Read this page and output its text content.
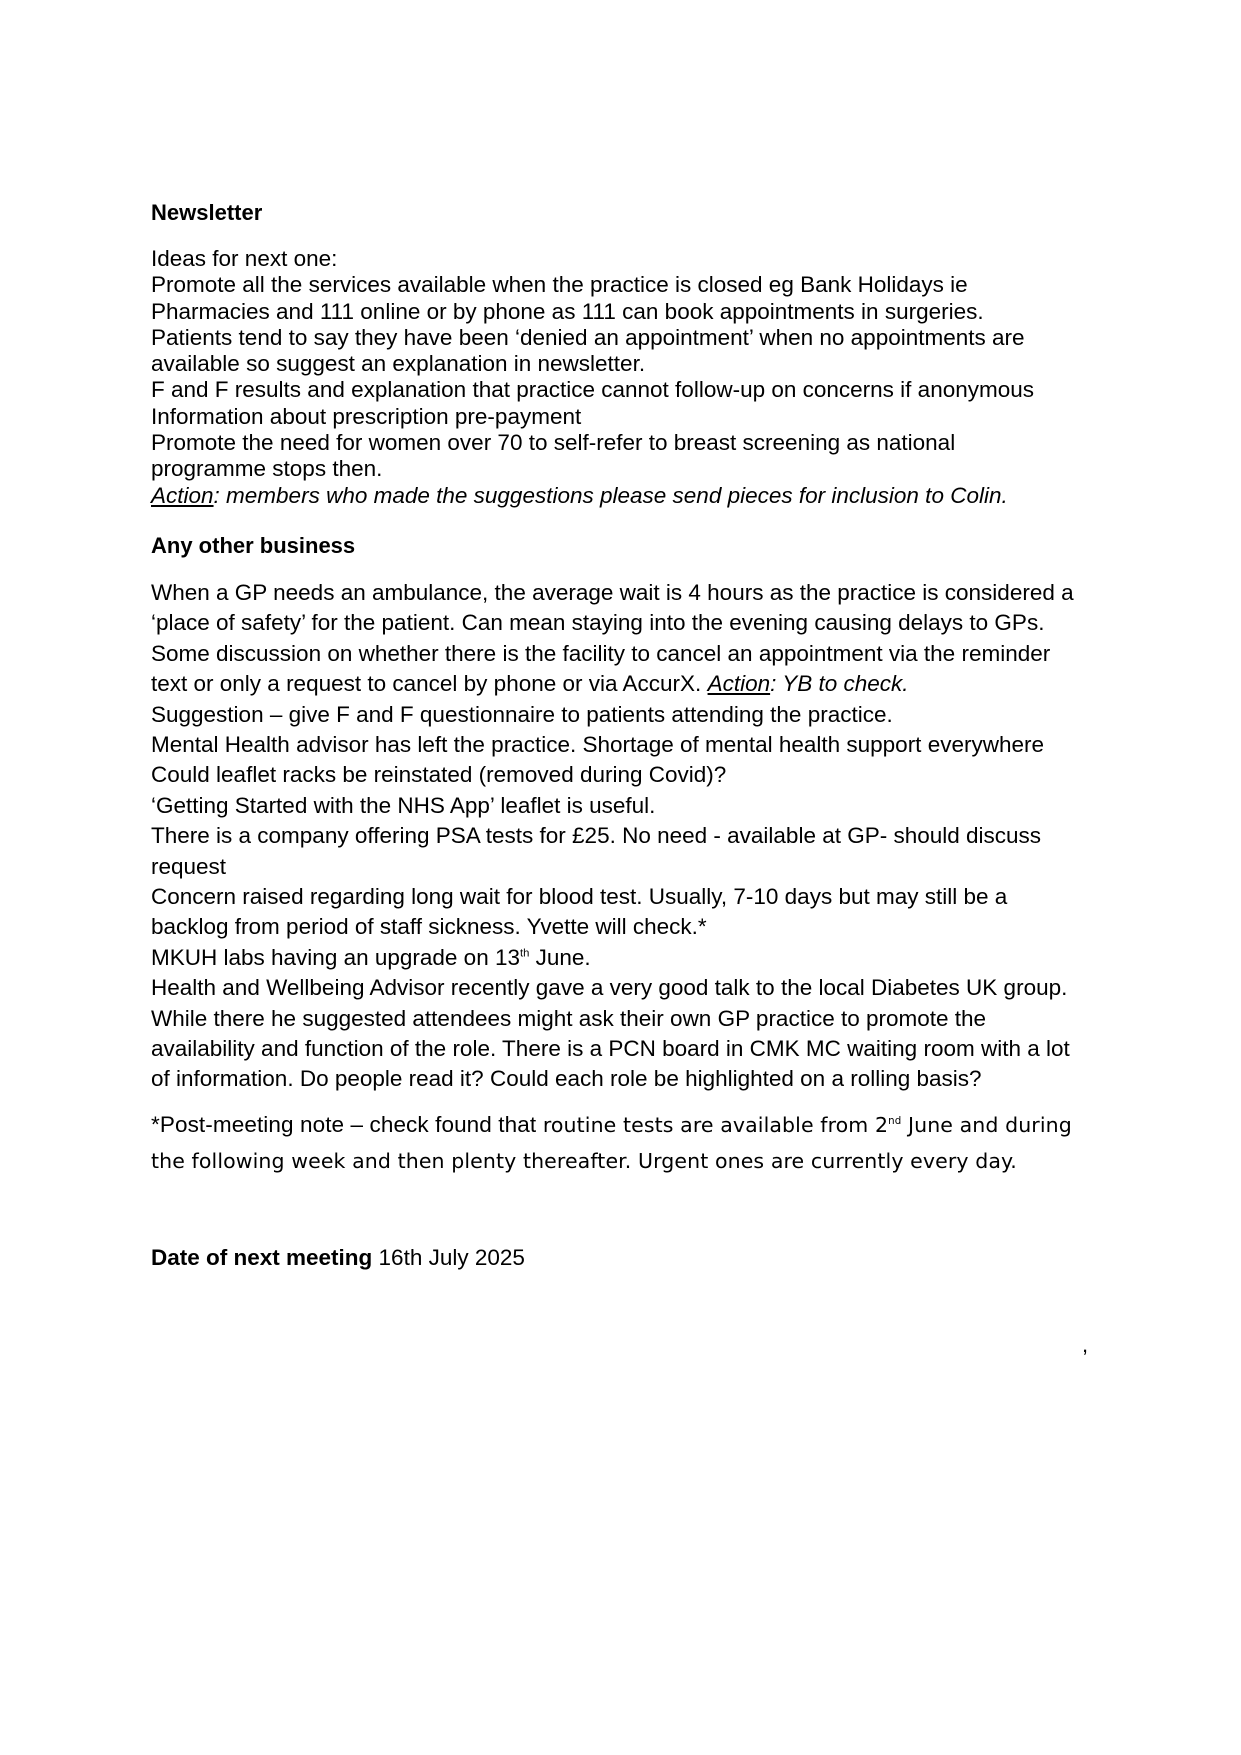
Newsletter

Ideas for next one:

Promote all the services available when the practice is closed eg Bank Holidays ie

Pharmacies and 111 online or by phone as 111 can book appointments in surgeries.

Patients tend to say they have been ‘denied an appointment’ when no appointments are

available so suggest an explanation in newsletter.

F and F results and explanation that practice cannot follow-up on concerns if anonymous

Information about prescription pre-payment

Promote the need for women over 70 to self-refer to breast screening as national

programme stops then.

Action: members who made the suggestions please send pieces for inclusion to Colin.

Any other business

When a GP needs an ambulance, the average wait is 4 hours as the practice is considered a

‘place of safety’ for the patient. Can mean staying into the evening causing delays to GPs.

Some discussion on whether there is the facility to cancel an appointment via the reminder

text or only a request to cancel by phone or via AccurX. Action: YB to check.

Suggestion – give F and F questionnaire to patients attending the practice.

Mental Health advisor has left the practice. Shortage of mental health support everywhere

Could leaflet racks be reinstated (removed during Covid)?

‘Getting Started with the NHS App’ leaflet is useful.

There is a company offering PSA tests for £25. No need - available at GP- should discuss

request

Concern raised regarding long wait for blood test. Usually, 7-10 days but may still be a

backlog from period of staff sickness. Yvette will check.*

MKUH labs having an upgrade on 13th June.

Health and Wellbeing Advisor recently gave a very good talk to the local Diabetes UK group.

While there he suggested attendees might ask their own GP practice to promote the

availability and function of the role. There is a PCN board in CMK MC waiting room with a lot

of information. Do people read it? Could each role be highlighted on a rolling basis?

*Post-meeting note – check found that routine tests are available from 2nd June and during
the following week and then plenty thereafter. Urgent ones are currently every day.
Date of next meeting 16th July 2025
,
